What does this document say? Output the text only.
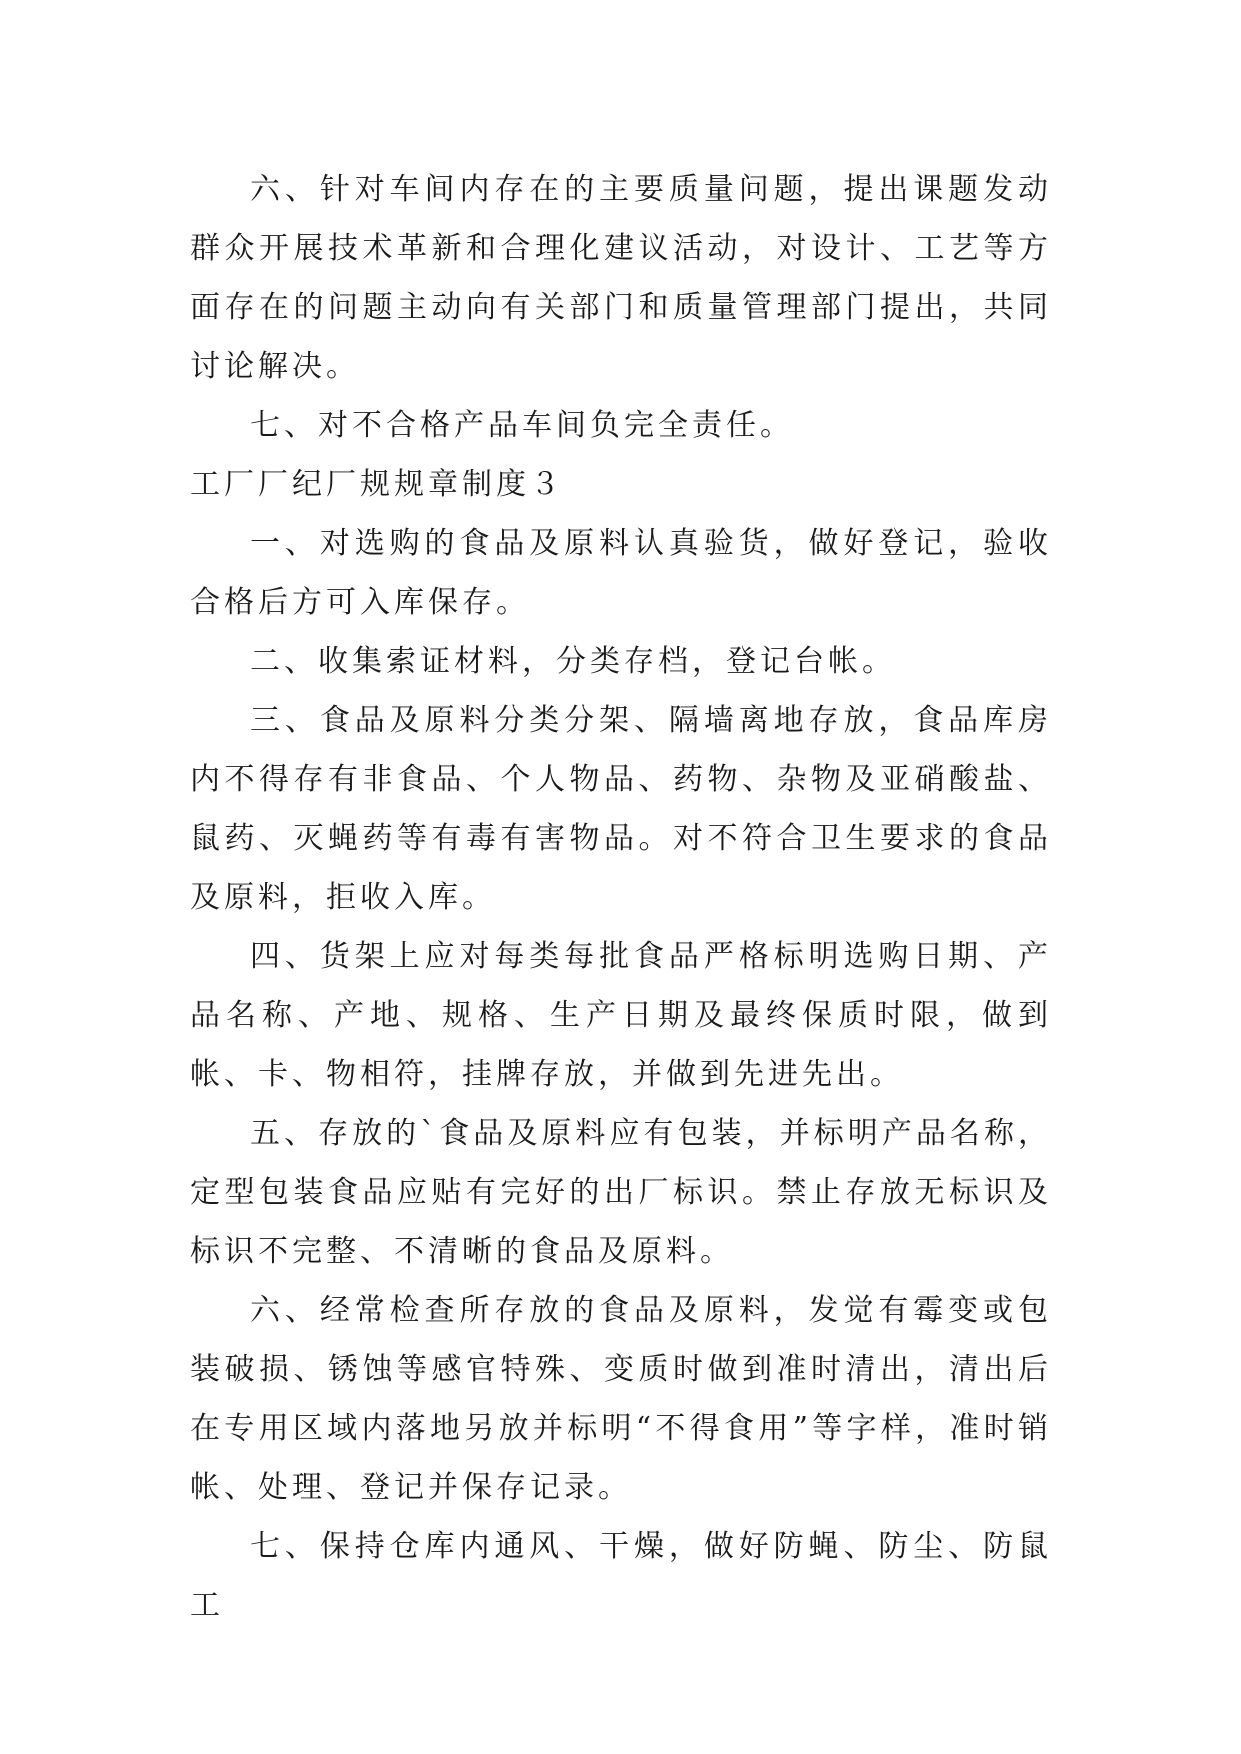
六、针对车间内存在的主要质量问题，提出课题发动群众开展技术革新和合理化建议活动，对设计、工艺等方面存在的问题主动向有关部门和质量管理部门提出，共同讨论解决。

七、对不合格产品车间负完全责任。

工厂厂纪厂规规章制度３

一、对选购的食品及原料认真验货，做好登记，验收合格后方可入库保存。

二、收集索证材料，分类存档，登记台帐。

三、食品及原料分类分架、隔墙离地存放，食品库房内不得存有非食品、个人物品、药物、杂物及亚硝酸盐、鼠药、灭蝇药等有毒有害物品。对不符合卫生要求的食品及原料，拒收入库。

四、货架上应对每类每批食品严格标明选购日期、产品名称、产地、规格、生产日期及最终保质时限，做到帐、卡、物相符，挂牌存放，并做到先进先出。

五、存放的`食品及原料应有包装，并标明产品名称，定型包装食品应贴有完好的出厂标识。禁止存放无标识及标识不完整、不清晰的食品及原料。

六、经常检查所存放的食品及原料，发觉有霉变或包装破损、锈蚀等感官特殊、变质时做到准时清出，清出后在专用区域内落地另放并标明“不得食用”等字样，准时销帐、处理、登记并保存记录。

七、保持仓库内通风、干燥，做好防蝇、防尘、防鼠工
